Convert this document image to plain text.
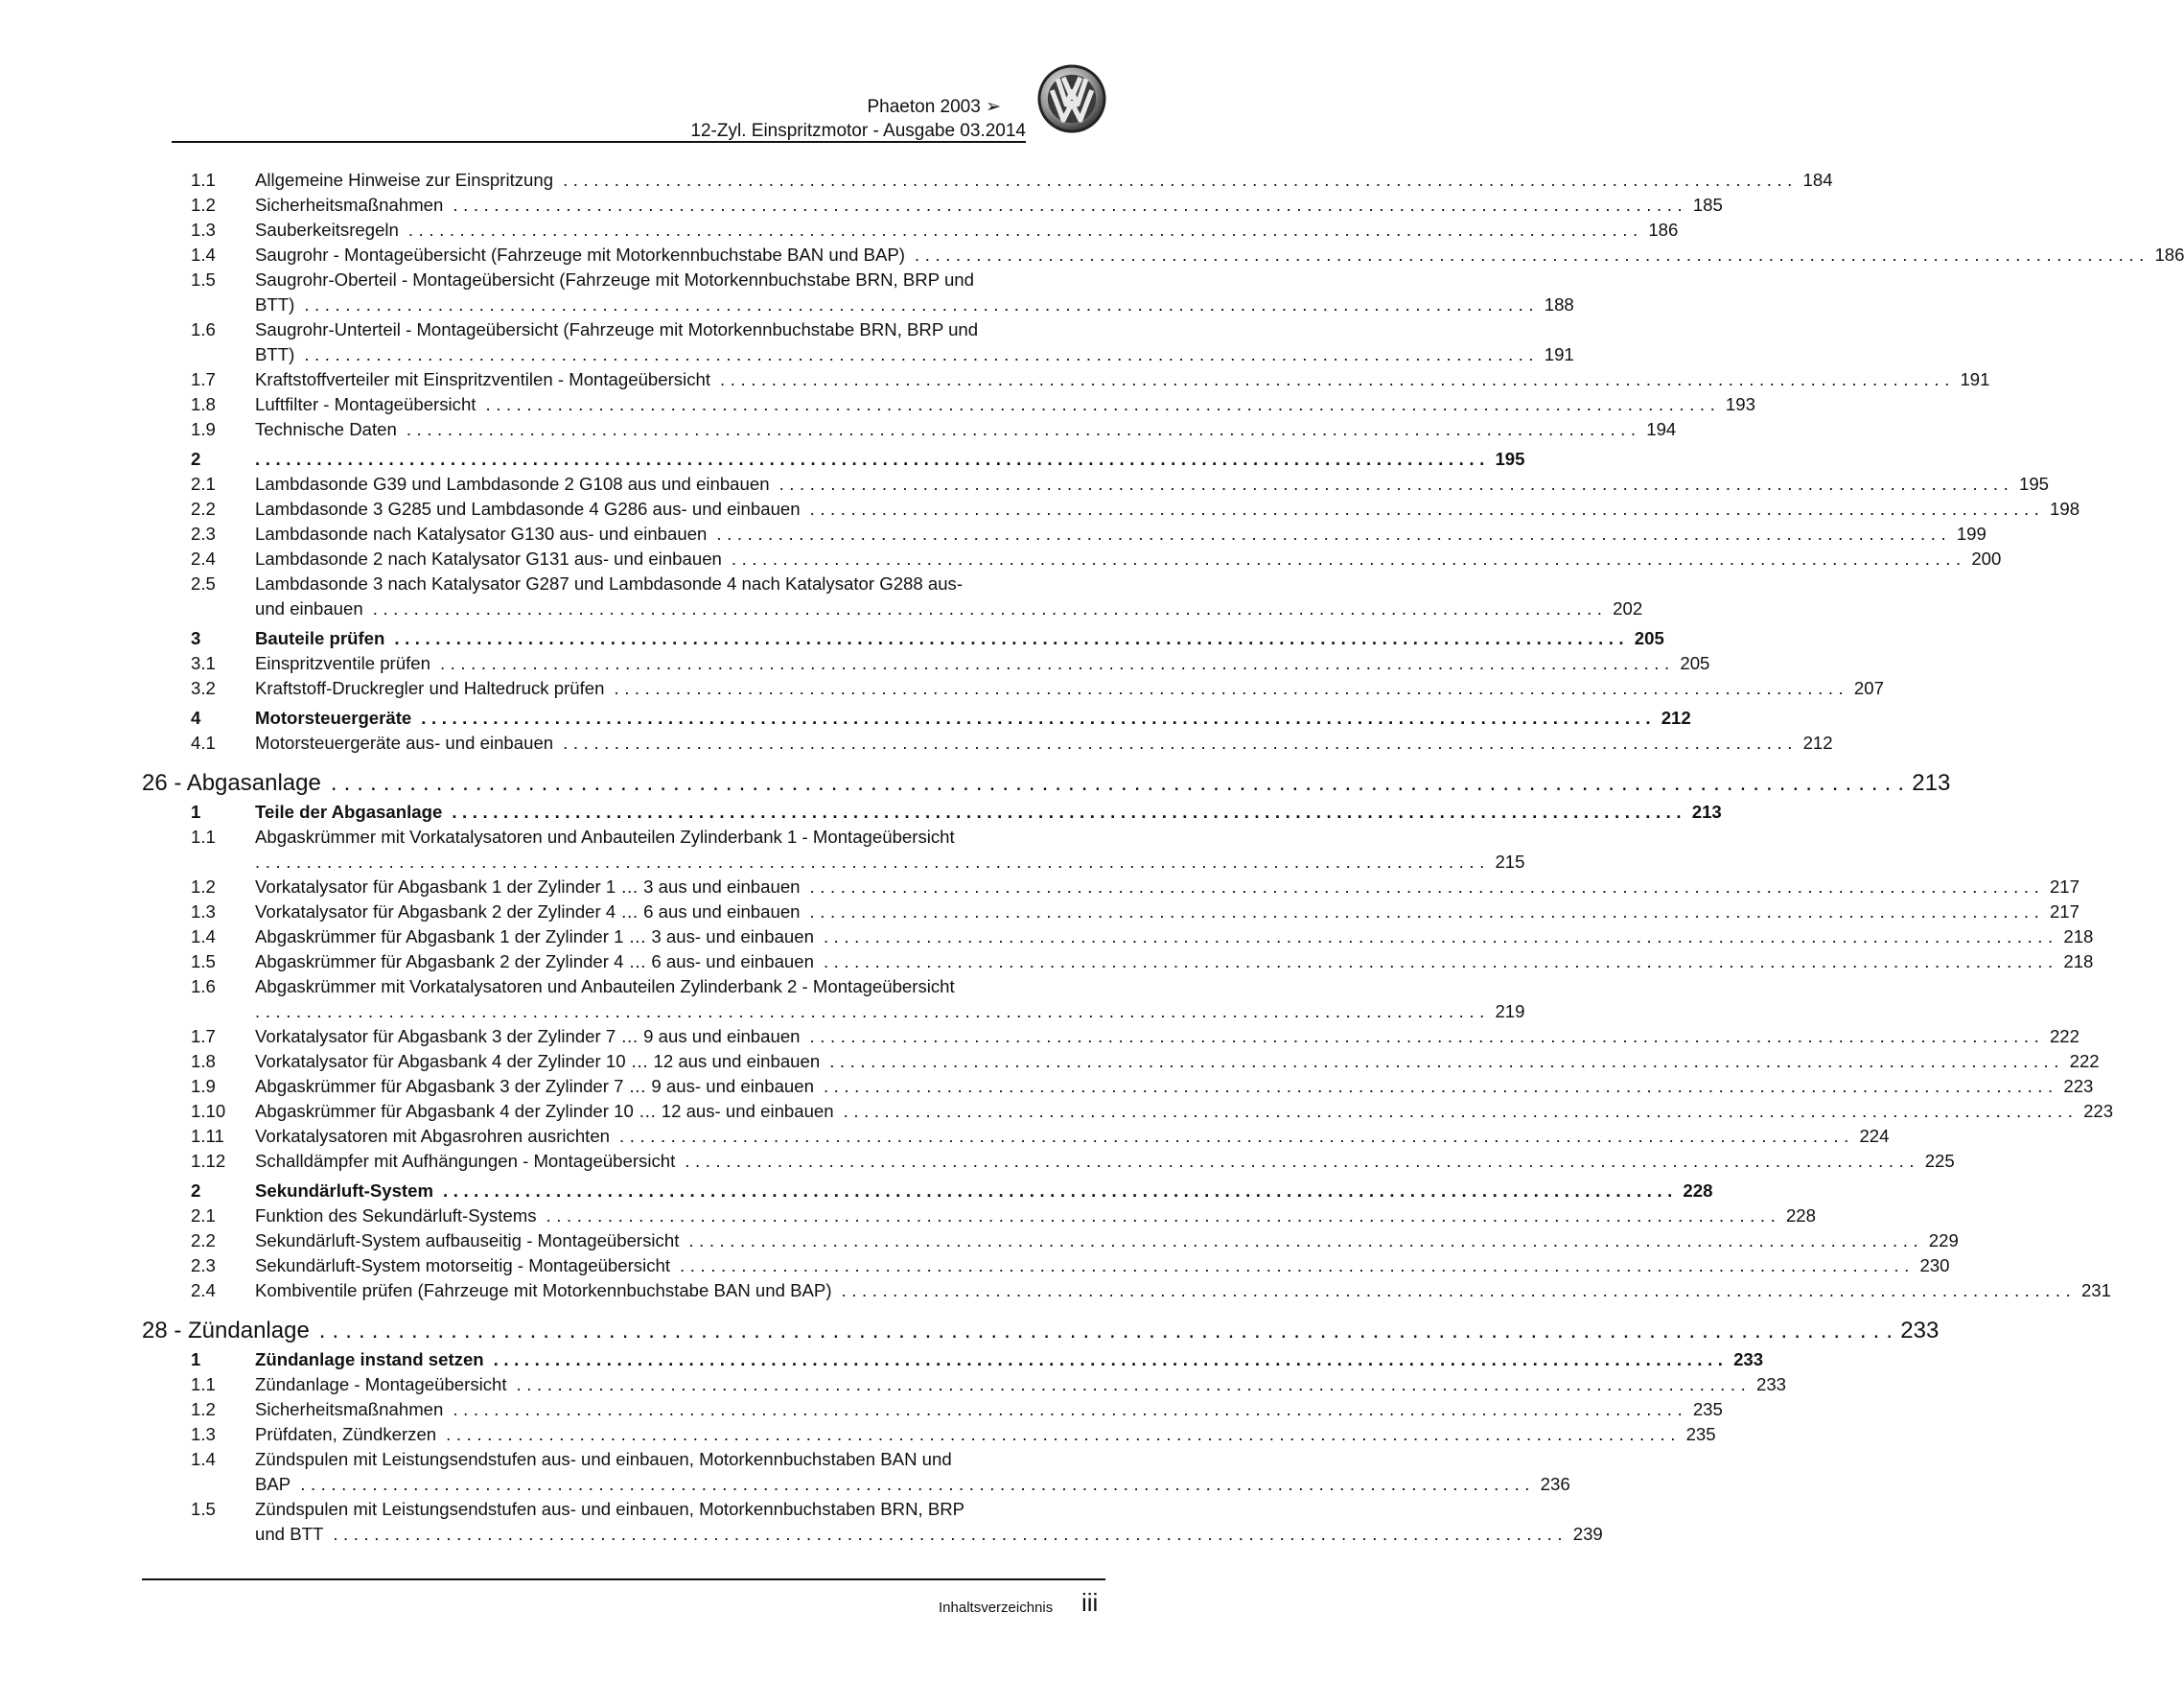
Phaeton 2003 ➢
12-Zyl. Einspritzmotor - Ausgabe 03.2014
1.1	Allgemeine Hinweise zur Einspritzung . . . . . . . . . . . . . . . . . . . . . . . . . . . . . . . . . . . . . . . . . . . . . . . . . . . . . . . . . . . . . . . . . . . . . . . . . . . . . . . . . . . . . . . . . . . . . . . . . . . . . . . . . . . . . . . . . . . . . . . . 184
1.2	Sicherheitsmaßnahmen . . . . . . . . . . . . . . . . . . . . . . . . . . . . . . . . . . . . . . . . . . . . . . . . . . . . . . . . . . . . . . . . . . . . . . . . . . . . . . . . . . . . . . . . . . . . . . . . . . . . . . . . . . . . . . . . . . . . . . . . 185
1.3	Sauberkeitsregeln . . . . . . . . . . . . . . . . . . . . . . . . . . . . . . . . . . . . . . . . . . . . . . . . . . . . . . . . . . . . . . . . . . . . . . . . . . . . . . . . . . . . . . . . . . . . . . . . . . . . . . . . . . . . . . . . . . . . . . . . 186
1.4	Saugrohr - Montageübersicht (Fahrzeuge mit Motorkennbuchstabe BAN und BAP) . . . . . . . . . . . . . . . . . . . . . . . . . . . . . . . . . . . . . . . . . . . . . . . . . . . . . . . . . . . . . . . . . . . . . . . . . . . . . . . . . . . . . . . . . . . . . . . . . . . . . . . . . . . . . . . . . . . . . . . . 186
1.5	Saugrohr-Oberteil - Montageübersicht (Fahrzeuge mit Motorkennbuchstabe BRN, BRP und
BTT) . . . . . . . . . . . . . . . . . . . . . . . . . . . . . . . . . . . . . . . . . . . . . . . . . . . . . . . . . . . . . . . . . . . . . . . . . . . . . . . . . . . . . . . . . . . . . . . . . . . . . . . . . . . . . . . . . . . . . . . . 188
1.6	Saugrohr-Unterteil - Montageübersicht (Fahrzeuge mit Motorkennbuchstabe BRN, BRP und
BTT) . . . . . . . . . . . . . . . . . . . . . . . . . . . . . . . . . . . . . . . . . . . . . . . . . . . . . . . . . . . . . . . . . . . . . . . . . . . . . . . . . . . . . . . . . . . . . . . . . . . . . . . . . . . . . . . . . . . . . . . . 191
1.7	Kraftstoffverteiler mit Einspritzventilen - Montageübersicht . . . . . . . . . . . . . . . . . . . . . . . . . . . . . . . . . . . . . . . . . . . . . . . . . . . . . . . . . . . . . . . . . . . . . . . . . . . . . . . . . . . . . . . . . . . . . . . . . . . . . . . . . . . . . . . . . . . . . . . . 191
1.8	Luftfilter - Montageübersicht . . . . . . . . . . . . . . . . . . . . . . . . . . . . . . . . . . . . . . . . . . . . . . . . . . . . . . . . . . . . . . . . . . . . . . . . . . . . . . . . . . . . . . . . . . . . . . . . . . . . . . . . . . . . . . . . . . . . . . . . 193
1.9	Technische Daten . . . . . . . . . . . . . . . . . . . . . . . . . . . . . . . . . . . . . . . . . . . . . . . . . . . . . . . . . . . . . . . . . . . . . . . . . . . . . . . . . . . . . . . . . . . . . . . . . . . . . . . . . . . . . . . . . . . . . . . . 194
2	. . . . . . . . . . . . . . . . . . . . . . . . . . . . . . . . . . . . . . . . . . . . . . . . . . . . . . . . . . . . . . . . . . . . . . . . . . . . . . . . . . . . . . . . . . . . . . . . . . . . . . . . . . . . . . . . . . . . . . . . 195
2.1	Lambdasonde G39 und Lambdasonde 2 G108 aus und einbauen . . . . . . . . . . . . . . . . . . . . . . . . . . . . . . . . . . . . . . . . . . . . . . . . . . . . . . . . . . . . . . . . . . . . . . . . . . . . . . . . . . . . . . . . . . . . . . . . . . . . . . . . . . . . . . . . . . . . . . . . 195
2.2	Lambdasonde 3 G285 und Lambdasonde 4 G286 aus- und einbauen . . . . . . . . . . . . . . . . . . . . . . . . . . . . . . . . . . . . . . . . . . . . . . . . . . . . . . . . . . . . . . . . . . . . . . . . . . . . . . . . . . . . . . . . . . . . . . . . . . . . . . . . . . . . . . . . . . . . . . . . 198
2.3	Lambdasonde nach Katalysator G130 aus- und einbauen . . . . . . . . . . . . . . . . . . . . . . . . . . . . . . . . . . . . . . . . . . . . . . . . . . . . . . . . . . . . . . . . . . . . . . . . . . . . . . . . . . . . . . . . . . . . . . . . . . . . . . . . . . . . . . . . . . . . . . . . 199
2.4	Lambdasonde 2 nach Katalysator G131 aus- und einbauen . . . . . . . . . . . . . . . . . . . . . . . . . . . . . . . . . . . . . . . . . . . . . . . . . . . . . . . . . . . . . . . . . . . . . . . . . . . . . . . . . . . . . . . . . . . . . . . . . . . . . . . . . . . . . . . . . . . . . . . . 200
2.5	Lambdasonde 3 nach Katalysator G287 und Lambdasonde 4 nach Katalysator G288 aus-
und einbauen . . . . . . . . . . . . . . . . . . . . . . . . . . . . . . . . . . . . . . . . . . . . . . . . . . . . . . . . . . . . . . . . . . . . . . . . . . . . . . . . . . . . . . . . . . . . . . . . . . . . . . . . . . . . . . . . . . . . . . . . 202
3	Bauteile prüfen . . . . . . . . . . . . . . . . . . . . . . . . . . . . . . . . . . . . . . . . . . . . . . . . . . . . . . . . . . . . . . . . . . . . . . . . . . . . . . . . . . . . . . . . . . . . . . . . . . . . . . . . . . . . . . . . . . . . . . . . 205
3.1	Einspritzventile prüfen . . . . . . . . . . . . . . . . . . . . . . . . . . . . . . . . . . . . . . . . . . . . . . . . . . . . . . . . . . . . . . . . . . . . . . . . . . . . . . . . . . . . . . . . . . . . . . . . . . . . . . . . . . . . . . . . . . . . . . . . 205
3.2	Kraftstoff-Druckregler und Haltedruck prüfen . . . . . . . . . . . . . . . . . . . . . . . . . . . . . . . . . . . . . . . . . . . . . . . . . . . . . . . . . . . . . . . . . . . . . . . . . . . . . . . . . . . . . . . . . . . . . . . . . . . . . . . . . . . . . . . . . . . . . . . . 207
4	Motorsteuergeräte . . . . . . . . . . . . . . . . . . . . . . . . . . . . . . . . . . . . . . . . . . . . . . . . . . . . . . . . . . . . . . . . . . . . . . . . . . . . . . . . . . . . . . . . . . . . . . . . . . . . . . . . . . . . . . . . . . . . . . . . 212
4.1	Motorsteuergeräte aus- und einbauen . . . . . . . . . . . . . . . . . . . . . . . . . . . . . . . . . . . . . . . . . . . . . . . . . . . . . . . . . . . . . . . . . . . . . . . . . . . . . . . . . . . . . . . . . . . . . . . . . . . . . . . . . . . . . . . . . . . . . . . . 212
26 - Abgasanlage . . . . . . . . . . . . . . . . . . . . . . . . . . . . . . . . . . . . . . . . . . . . . . . . . . . . . . . . . . . . . . . . . . . . . . . . . . . . . . . . . . . . . . . . . . . . . . . . . . . . . . . . . . . . . . . . . . . . . . . . 213
1	Teile der Abgasanlage . . . . . . . . . . . . . . . . . . . . . . . . . . . . . . . . . . . . . . . . . . . . . . . . . . . . . . . . . . . . . . . . . . . . . . . . . . . . . . . . . . . . . . . . . . . . . . . . . . . . . . . . . . . . . . . . . . . . . . . . 213
1.1	Abgaskrümmer mit Vorkatalysatoren und Anbauteilen Zylinderbank 1 - Montageübersicht
. . . . . . . . . . . . . . . . . . . . . . . . . . . . . . . . . . . . . . . . . . . . . . . . . . . . . . . . . . . . . . . . . . . . . . . . . . . . . . . . . . . . . . . . . . . . . . . . . . . . . . . . . . . . . . . . . . . . . . . . 215
1.2	Vorkatalysator für Abgasbank 1 der Zylinder 1 … 3 aus und einbauen . . . . . . . . . . . . . . . . . . . . . . . . . . . . . . . . . . . . . . . . . . . . . . . . . . . . . . . . . . . . . . . . . . . . . . . . . . . . . . . . . . . . . . . . . . . . . . . . . . . . . . . . . . . . . . . . . . . . . . . . 217
1.3	Vorkatalysator für Abgasbank 2 der Zylinder 4 … 6 aus und einbauen . . . . . . . . . . . . . . . . . . . . . . . . . . . . . . . . . . . . . . . . . . . . . . . . . . . . . . . . . . . . . . . . . . . . . . . . . . . . . . . . . . . . . . . . . . . . . . . . . . . . . . . . . . . . . . . . . . . . . . . . 217
1.4	Abgaskrümmer für Abgasbank 1 der Zylinder 1 … 3 aus- und einbauen . . . . . . . . . . . . . . . . . . . . . . . . . . . . . . . . . . . . . . . . . . . . . . . . . . . . . . . . . . . . . . . . . . . . . . . . . . . . . . . . . . . . . . . . . . . . . . . . . . . . . . . . . . . . . . . . . . . . . . . . 218
1.5	Abgaskrümmer für Abgasbank 2 der Zylinder 4 … 6 aus- und einbauen . . . . . . . . . . . . . . . . . . . . . . . . . . . . . . . . . . . . . . . . . . . . . . . . . . . . . . . . . . . . . . . . . . . . . . . . . . . . . . . . . . . . . . . . . . . . . . . . . . . . . . . . . . . . . . . . . . . . . . . . 218
1.6	Abgaskrümmer mit Vorkatalysatoren und Anbauteilen Zylinderbank 2 - Montageübersicht
. . . . . . . . . . . . . . . . . . . . . . . . . . . . . . . . . . . . . . . . . . . . . . . . . . . . . . . . . . . . . . . . . . . . . . . . . . . . . . . . . . . . . . . . . . . . . . . . . . . . . . . . . . . . . . . . . . . . . . . . 219
1.7	Vorkatalysator für Abgasbank 3 der Zylinder 7 … 9 aus und einbauen . . . . . . . . . . . . . . . . . . . . . . . . . . . . . . . . . . . . . . . . . . . . . . . . . . . . . . . . . . . . . . . . . . . . . . . . . . . . . . . . . . . . . . . . . . . . . . . . . . . . . . . . . . . . . . . . . . . . . . . . 222
1.8	Vorkatalysator für Abgasbank 4 der Zylinder 10 … 12 aus und einbauen . . . . . . . . . . . . . . . . . . . . . . . . . . . . . . . . . . . . . . . . . . . . . . . . . . . . . . . . . . . . . . . . . . . . . . . . . . . . . . . . . . . . . . . . . . . . . . . . . . . . . . . . . . . . . . . . . . . . . . . . 222
1.9	Abgaskrümmer für Abgasbank 3 der Zylinder 7 … 9 aus- und einbauen . . . . . . . . . . . . . . . . . . . . . . . . . . . . . . . . . . . . . . . . . . . . . . . . . . . . . . . . . . . . . . . . . . . . . . . . . . . . . . . . . . . . . . . . . . . . . . . . . . . . . . . . . . . . . . . . . . . . . . . . 223
1.10	Abgaskrümmer für Abgasbank 4 der Zylinder 10 … 12 aus- und einbauen . . . . . . . . . . . . . . . . . . . . . . . . . . . . . . . . . . . . . . . . . . . . . . . . . . . . . . . . . . . . . . . . . . . . . . . . . . . . . . . . . . . . . . . . . . . . . . . . . . . . . . . . . . . . . . . . . . . . . . . . 223
1.11	Vorkatalysatoren mit Abgasrohren ausrichten . . . . . . . . . . . . . . . . . . . . . . . . . . . . . . . . . . . . . . . . . . . . . . . . . . . . . . . . . . . . . . . . . . . . . . . . . . . . . . . . . . . . . . . . . . . . . . . . . . . . . . . . . . . . . . . . . . . . . . . . 224
1.12	Schalldämpfer mit Aufhängungen - Montageübersicht . . . . . . . . . . . . . . . . . . . . . . . . . . . . . . . . . . . . . . . . . . . . . . . . . . . . . . . . . . . . . . . . . . . . . . . . . . . . . . . . . . . . . . . . . . . . . . . . . . . . . . . . . . . . . . . . . . . . . . . . 225
2	Sekundärluft-System . . . . . . . . . . . . . . . . . . . . . . . . . . . . . . . . . . . . . . . . . . . . . . . . . . . . . . . . . . . . . . . . . . . . . . . . . . . . . . . . . . . . . . . . . . . . . . . . . . . . . . . . . . . . . . . . . . . . . . . . 228
2.1	Funktion des Sekundärluft-Systems . . . . . . . . . . . . . . . . . . . . . . . . . . . . . . . . . . . . . . . . . . . . . . . . . . . . . . . . . . . . . . . . . . . . . . . . . . . . . . . . . . . . . . . . . . . . . . . . . . . . . . . . . . . . . . . . . . . . . . . . 228
2.2	Sekundärluft-System aufbauseitig - Montageübersicht . . . . . . . . . . . . . . . . . . . . . . . . . . . . . . . . . . . . . . . . . . . . . . . . . . . . . . . . . . . . . . . . . . . . . . . . . . . . . . . . . . . . . . . . . . . . . . . . . . . . . . . . . . . . . . . . . . . . . . . . 229
2.3	Sekundärluft-System motorseitig - Montageübersicht . . . . . . . . . . . . . . . . . . . . . . . . . . . . . . . . . . . . . . . . . . . . . . . . . . . . . . . . . . . . . . . . . . . . . . . . . . . . . . . . . . . . . . . . . . . . . . . . . . . . . . . . . . . . . . . . . . . . . . . . 230
2.4	Kombiventile prüfen (Fahrzeuge mit Motorkennbuchstabe BAN und BAP) . . . . . . . . . . . . . . . . . . . . . . . . . . . . . . . . . . . . . . . . . . . . . . . . . . . . . . . . . . . . . . . . . . . . . . . . . . . . . . . . . . . . . . . . . . . . . . . . . . . . . . . . . . . . . . . . . . . . . . . . 231
28 - Zündanlage . . . . . . . . . . . . . . . . . . . . . . . . . . . . . . . . . . . . . . . . . . . . . . . . . . . . . . . . . . . . . . . . . . . . . . . . . . . . . . . . . . . . . . . . . . . . . . . . . . . . . . . . . . . . . . . . . . . . . . . . 233
1	Zündanlage instand setzen . . . . . . . . . . . . . . . . . . . . . . . . . . . . . . . . . . . . . . . . . . . . . . . . . . . . . . . . . . . . . . . . . . . . . . . . . . . . . . . . . . . . . . . . . . . . . . . . . . . . . . . . . . . . . . . . . . . . . . . . 233
1.1	Zündanlage - Montageübersicht . . . . . . . . . . . . . . . . . . . . . . . . . . . . . . . . . . . . . . . . . . . . . . . . . . . . . . . . . . . . . . . . . . . . . . . . . . . . . . . . . . . . . . . . . . . . . . . . . . . . . . . . . . . . . . . . . . . . . . . . 233
1.2	Sicherheitsmaßnahmen . . . . . . . . . . . . . . . . . . . . . . . . . . . . . . . . . . . . . . . . . . . . . . . . . . . . . . . . . . . . . . . . . . . . . . . . . . . . . . . . . . . . . . . . . . . . . . . . . . . . . . . . . . . . . . . . . . . . . . . . 235
1.3	Prüfdaten, Zündkerzen . . . . . . . . . . . . . . . . . . . . . . . . . . . . . . . . . . . . . . . . . . . . . . . . . . . . . . . . . . . . . . . . . . . . . . . . . . . . . . . . . . . . . . . . . . . . . . . . . . . . . . . . . . . . . . . . . . . . . . . . 235
1.4	Zündspulen mit Leistungsendstufen aus- und einbauen, Motorkennbuchstaben BAN und
BAP . . . . . . . . . . . . . . . . . . . . . . . . . . . . . . . . . . . . . . . . . . . . . . . . . . . . . . . . . . . . . . . . . . . . . . . . . . . . . . . . . . . . . . . . . . . . . . . . . . . . . . . . . . . . . . . . . . . . . . . . 236
1.5	Zündspulen mit Leistungsendstufen aus- und einbauen, Motorkennbuchstaben BRN, BRP
und BTT . . . . . . . . . . . . . . . . . . . . . . . . . . . . . . . . . . . . . . . . . . . . . . . . . . . . . . . . . . . . . . . . . . . . . . . . . . . . . . . . . . . . . . . . . . . . . . . . . . . . . . . . . . . . . . . . . . . . . . . . 239
Inhaltsverzeichnis iii
